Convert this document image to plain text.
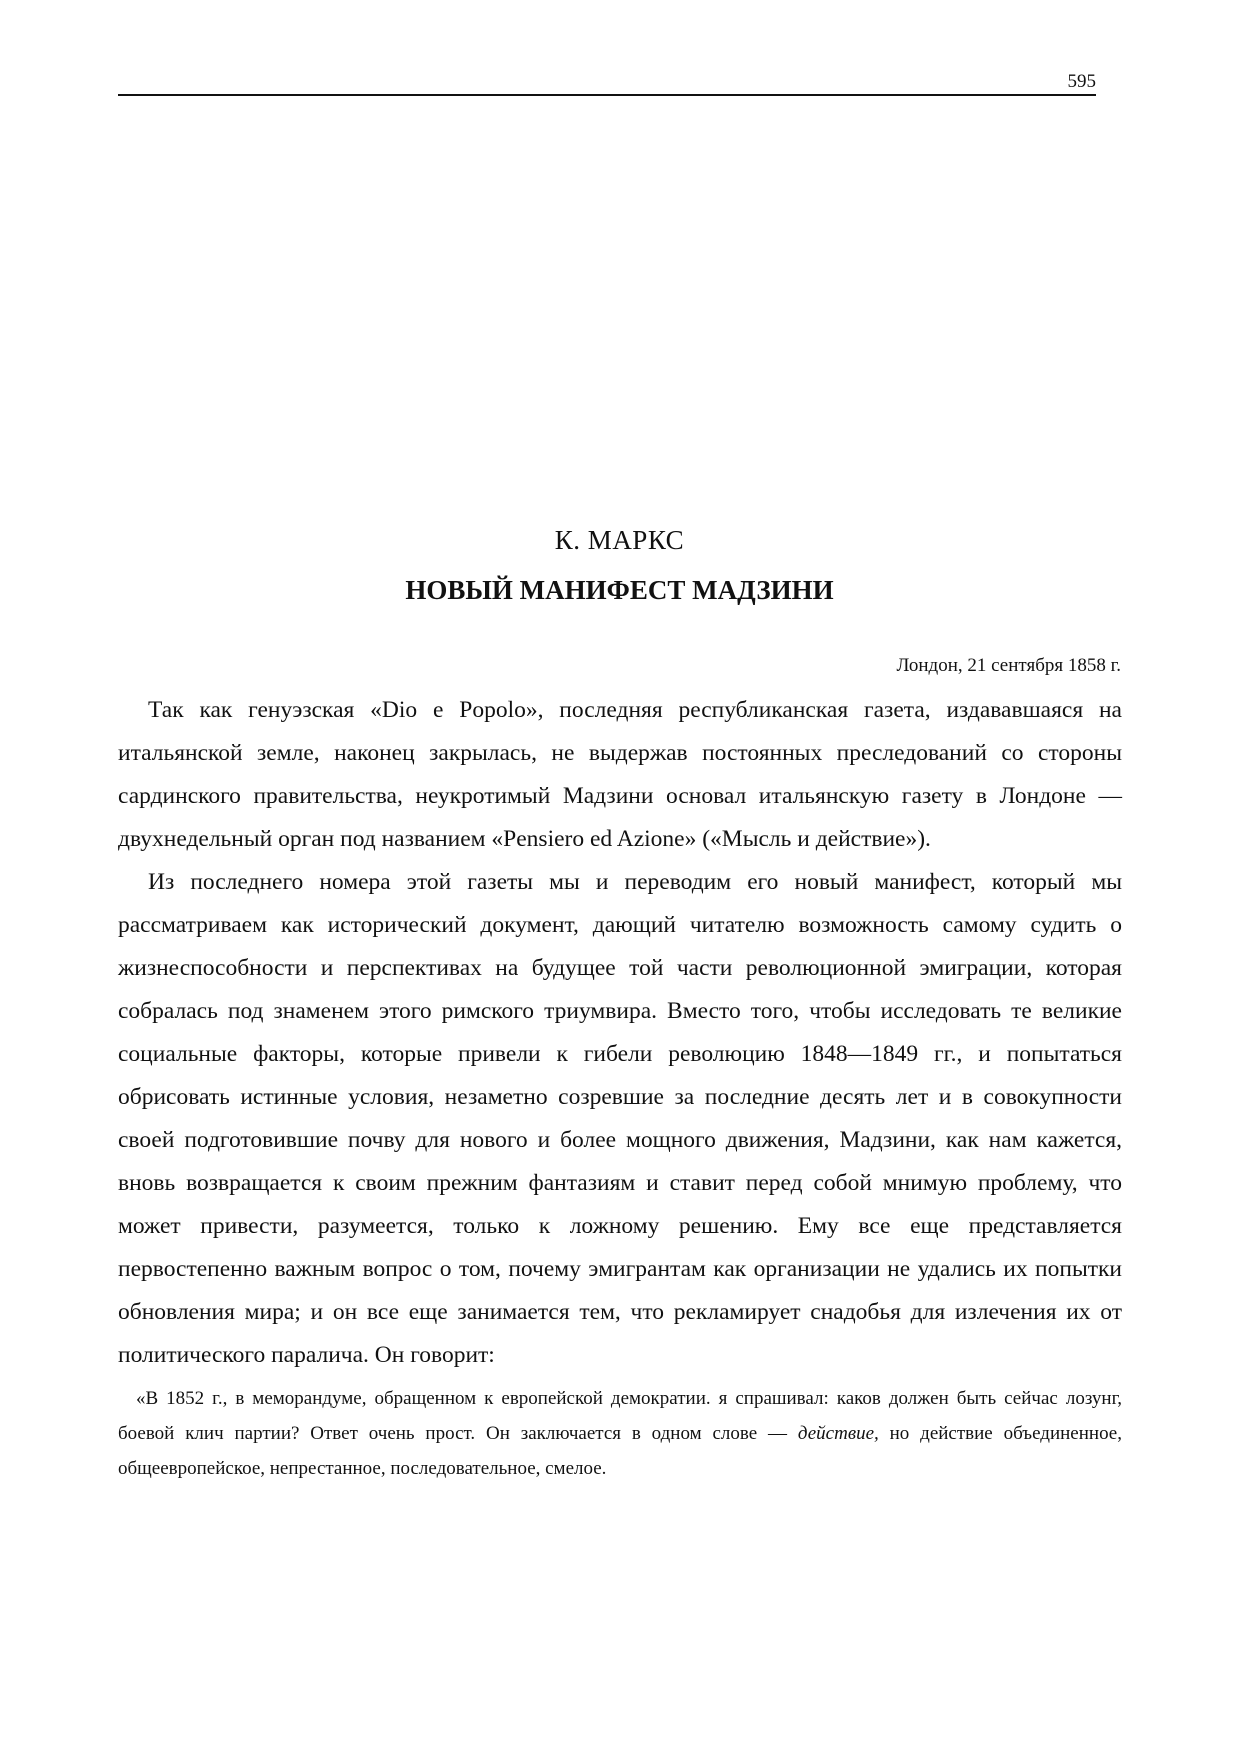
595
К. МАРКС
НОВЫЙ МАНИФЕСТ МАДЗИНИ
Лондон, 21 сентября 1858 г.

Так как генуэзская «Dio e Popolo», последняя республиканская газета, издававшаяся на итальянской земле, наконец закрылась, не выдержав постоянных преследований со стороны сардинского правительства, неукротимый Мадзини основал итальянскую газету в Лондоне — двухнедельный орган под названием «Pensiero ed Azione» («Мысль и действие»).

Из последнего номера этой газеты мы и переводим его новый манифест, который мы рассматриваем как исторический документ, дающий читателю возможность самому судить о жизнеспособности и перспективах на будущее той части революционной эмиграции, которая собралась под знаменем этого римского триумвира. Вместо того, чтобы исследовать те великие социальные факторы, которые привели к гибели революцию 1848—1849 гг., и попытаться обрисовать истинные условия, незаметно созревшие за последние десять лет и в совокупности своей подготовившие почву для нового и более мощного движения, Мадзини, как нам кажется, вновь возвращается к своим прежним фантазиям и ставит перед собой мнимую проблему, что может привести, разумеется, только к ложному решению. Ему все еще представляется первостепенно важным вопрос о том, почему эмигрантам как организации не удались их попытки обновления мира; и он все еще занимается тем, что рекламирует снадобья для излечения их от политического паралича. Он говорит:

«В 1852 г., в меморандуме, обращенном к европейской демократии. я спрашивал: каков должен быть сейчас лозунг, боевой клич партии? Ответ очень прост. Он заключается в одном слове — действие, но действие объединенное, общеевропейское, непрестанное, последовательное, смелое.
